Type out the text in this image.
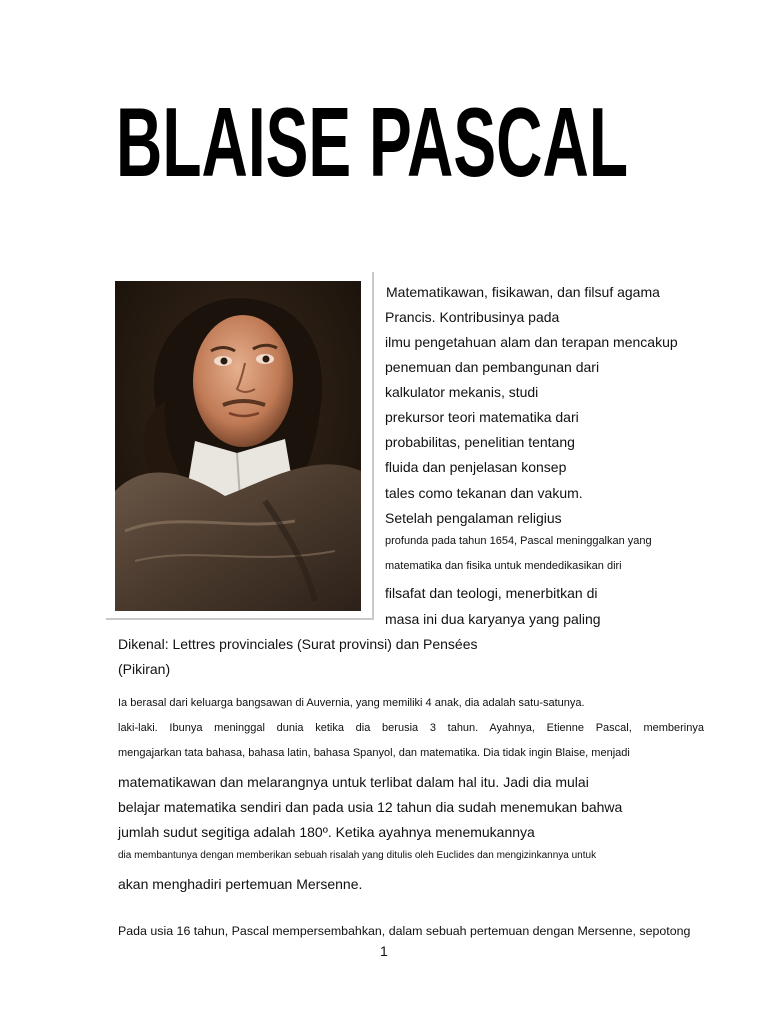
BLAISE PASCAL

Matematikawan, fisikawan, dan filsuf agama

Prancis. Kontribusinya pada

ilmu pengetahuan alam dan terapan mencakup

penemuan dan pembangunan dari

kalkulator mekanis, studi

prekursor teori matematika dari

probabilitas, penelitian tentang

fluida dan penjelasan konsep

tales como tekanan dan vakum.

Setelah pengalaman religius

profunda pada tahun 1654, Pascal meninggalkan yang

matematika dan fisika untuk mendedikasikan diri

filsafat dan teologi, menerbitkan di

masa ini dua karyanya yang paling

Dikenal: Lettres provinciales (Surat provinsi) dan Pensées

(Pikiran)

Ia berasal dari keluarga bangsawan di Auvernia, yang memiliki 4 anak, dia adalah satu-satunya.

laki-laki. Ibunya meninggal dunia ketika dia berusia 3 tahun. Ayahnya, Etienne Pascal, memberinya

mengajarkan tata bahasa, bahasa latin, bahasa Spanyol, dan matematika. Dia tidak ingin Blaise, menjadi

matematikawan dan melarangnya untuk terlibat dalam hal itu. Jadi dia mulai

belajar matematika sendiri dan pada usia 12 tahun dia sudah menemukan bahwa

jumlah sudut segitiga adalah 180º. Ketika ayahnya menemukannya

dia membantunya dengan memberikan sebuah risalah yang ditulis oleh Euclides dan mengizinkannya untuk

akan menghadiri pertemuan Mersenne.

Pada usia 16 tahun, Pascal mempersembahkan, dalam sebuah pertemuan dengan Mersenne, sepotong

1
